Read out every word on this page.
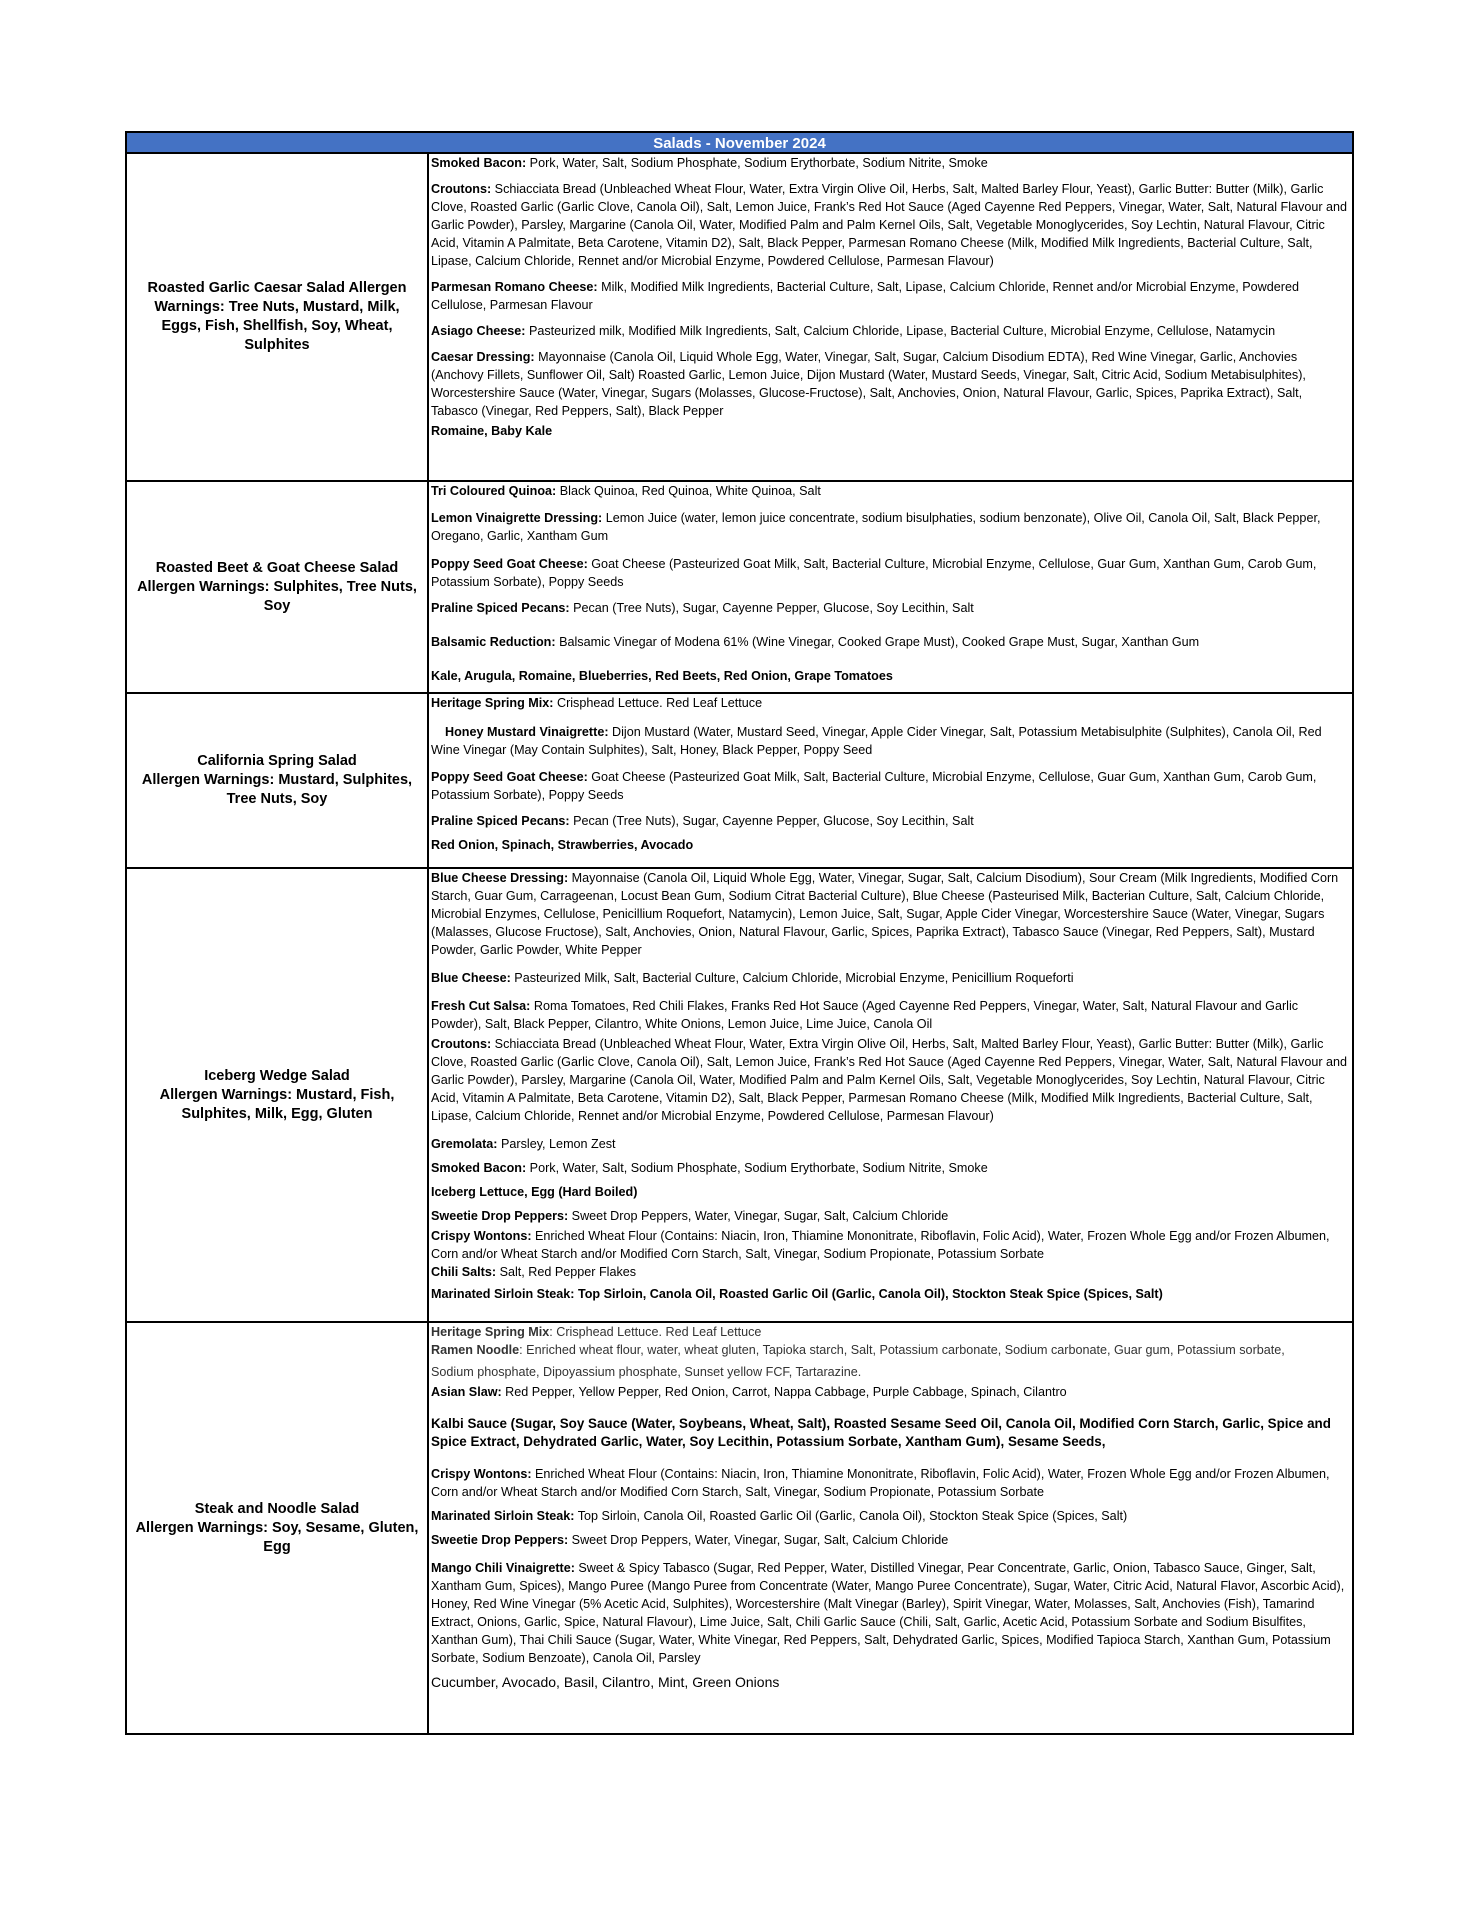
Salads - November 2024
Roasted Garlic Caesar Salad Allergen
Warnings: Tree Nuts, Mustard, Milk,
Eggs, Fish, Shellfish, Soy, Wheat,
Sulphites

Smoked Bacon: Pork, Water, Salt, Sodium Phosphate, Sodium Erythorbate, Sodium Nitrite, Smoke

Croutons: Schiacciata Bread (Unbleached Wheat Flour, Water, Extra Virgin Olive Oil, Herbs, Salt, Malted Barley Flour, Yeast), Garlic Butter: Butter (Milk), Garlic Clove, Roasted Garlic (Garlic Clove, Canola Oil), Salt, Lemon Juice, Frank’s Red Hot Sauce (Aged Cayenne Red Peppers, Vinegar, Water, Salt, Natural Flavour and Garlic Powder), Parsley, Margarine (Canola Oil, Water, Modified Palm and Palm Kernel Oils, Salt, Vegetable Monoglycerides, Soy Lechtin, Natural Flavour, Citric Acid, Vitamin A Palmitate, Beta Carotene, Vitamin D2), Salt, Black Pepper, Parmesan Romano Cheese (Milk, Modified Milk Ingredients, Bacterial Culture, Salt, Lipase, Calcium Chloride, Rennet and/or Microbial Enzyme, Powdered Cellulose, Parmesan Flavour)

Parmesan Romano Cheese: Milk, Modified Milk Ingredients, Bacterial Culture, Salt, Lipase, Calcium Chloride, Rennet and/or Microbial Enzyme, Powdered Cellulose, Parmesan Flavour

Asiago Cheese: Pasteurized milk, Modified Milk Ingredients, Salt, Calcium Chloride, Lipase, Bacterial Culture, Microbial Enzyme, Cellulose, Natamycin

Caesar Dressing: Mayonnaise (Canola Oil, Liquid Whole Egg, Water, Vinegar, Salt, Sugar, Calcium Disodium EDTA), Red Wine Vinegar, Garlic, Anchovies (Anchovy Fillets, Sunflower Oil, Salt) Roasted Garlic, Lemon Juice, Dijon Mustard (Water, Mustard Seeds, Vinegar, Salt, Citric Acid, Sodium Metabisulphites), Worcestershire Sauce (Water, Vinegar, Sugars (Molasses, Glucose-Fructose), Salt, Anchovies, Onion, Natural Flavour, Garlic, Spices, Paprika Extract), Salt, Tabasco (Vinegar, Red Peppers, Salt), Black Pepper

Romaine, Baby Kale

Roasted Beet & Goat Cheese Salad
Allergen Warnings: Sulphites, Tree Nuts,
Soy

Tri Coloured Quinoa: Black Quinoa, Red Quinoa, White Quinoa, Salt

Lemon Vinaigrette Dressing: Lemon Juice (water, lemon juice concentrate, sodium bisulphaties, sodium benzonate), Olive Oil, Canola Oil, Salt, Black Pepper, Oregano, Garlic, Xantham Gum

Poppy Seed Goat Cheese: Goat Cheese (Pasteurized Goat Milk, Salt, Bacterial Culture, Microbial Enzyme, Cellulose, Guar Gum, Xanthan Gum, Carob Gum, Potassium Sorbate), Poppy Seeds

Praline Spiced Pecans: Pecan (Tree Nuts), Sugar, Cayenne Pepper, Glucose, Soy Lecithin, Salt

Balsamic Reduction: Balsamic Vinegar of Modena 61% (Wine Vinegar, Cooked Grape Must), Cooked Grape Must, Sugar, Xanthan Gum

Kale, Arugula, Romaine, Blueberries, Red Beets, Red Onion, Grape Tomatoes

California Spring Salad
Allergen Warnings: Mustard, Sulphites,
Tree Nuts, Soy

Heritage Spring Mix: Crisphead Lettuce. Red Leaf Lettuce

Honey Mustard Vinaigrette: Dijon Mustard (Water, Mustard Seed, Vinegar, Apple Cider Vinegar, Salt, Potassium Metabisulphite (Sulphites), Canola Oil, Red Wine Vinegar (May Contain Sulphites), Salt, Honey, Black Pepper, Poppy Seed

Poppy Seed Goat Cheese: Goat Cheese (Pasteurized Goat Milk, Salt, Bacterial Culture, Microbial Enzyme, Cellulose, Guar Gum, Xanthan Gum, Carob Gum, Potassium Sorbate), Poppy Seeds

Praline Spiced Pecans: Pecan (Tree Nuts), Sugar, Cayenne Pepper, Glucose, Soy Lecithin, Salt

Red Onion, Spinach, Strawberries, Avocado

Iceberg Wedge Salad
Allergen Warnings: Mustard, Fish,
Sulphites, Milk, Egg, Gluten

Blue Cheese Dressing: Mayonnaise (Canola Oil, Liquid Whole Egg, Water, Vinegar, Sugar, Salt, Calcium Disodium), Sour Cream (Milk Ingredients, Modified Corn Starch, Guar Gum, Carrageenan, Locust Bean Gum, Sodium Citrat Bacterial Culture), Blue Cheese (Pasteurised Milk, Bacterian Culture, Salt, Calcium Chloride, Microbial Enzymes, Cellulose, Penicillium Roquefort, Natamycin), Lemon Juice, Salt, Sugar, Apple Cider Vinegar, Worcestershire Sauce (Water, Vinegar, Sugars (Malasses, Glucose Fructose), Salt, Anchovies, Onion, Natural Flavour, Garlic, Spices, Paprika Extract), Tabasco Sauce (Vinegar, Red Peppers, Salt), Mustard Powder, Garlic Powder, White Pepper

Blue Cheese: Pasteurized Milk, Salt, Bacterial Culture, Calcium Chloride, Microbial Enzyme, Penicillium Roqueforti

Fresh Cut Salsa: Roma Tomatoes, Red Chili Flakes, Franks Red Hot Sauce (Aged Cayenne Red Peppers, Vinegar, Water, Salt, Natural Flavour and Garlic Powder), Salt, Black Pepper, Cilantro, White Onions, Lemon Juice, Lime Juice, Canola Oil

Croutons: Schiacciata Bread (Unbleached Wheat Flour, Water, Extra Virgin Olive Oil, Herbs, Salt, Malted Barley Flour, Yeast), Garlic Butter: Butter (Milk), Garlic Clove, Roasted Garlic (Garlic Clove, Canola Oil), Salt, Lemon Juice, Frank’s Red Hot Sauce (Aged Cayenne Red Peppers, Vinegar, Water, Salt, Natural Flavour and Garlic Powder), Parsley, Margarine (Canola Oil, Water, Modified Palm and Palm Kernel Oils, Salt, Vegetable Monoglycerides, Soy Lechtin, Natural Flavour, Citric Acid, Vitamin A Palmitate, Beta Carotene, Vitamin D2), Salt, Black Pepper, Parmesan Romano Cheese (Milk, Modified Milk Ingredients, Bacterial Culture, Salt, Lipase, Calcium Chloride, Rennet and/or Microbial Enzyme, Powdered Cellulose, Parmesan Flavour)

Gremolata: Parsley, Lemon Zest

Smoked Bacon: Pork, Water, Salt, Sodium Phosphate, Sodium Erythorbate, Sodium Nitrite, Smoke

Iceberg Lettuce, Egg (Hard Boiled)

Sweetie Drop Peppers: Sweet Drop Peppers, Water, Vinegar, Sugar, Salt, Calcium Chloride

Crispy Wontons: Enriched Wheat Flour (Contains: Niacin, Iron, Thiamine Mononitrate, Riboflavin, Folic Acid), Water, Frozen Whole Egg and/or Frozen Albumen, Corn and/or Wheat Starch and/or Modified Corn Starch, Salt, Vinegar, Sodium Propionate, Potassium Sorbate

Chili Salts: Salt, Red Pepper Flakes

Marinated Sirloin Steak: Top Sirloin, Canola Oil, Roasted Garlic Oil (Garlic, Canola Oil), Stockton Steak Spice (Spices, Salt)

Steak and Noodle Salad
Allergen Warnings: Soy, Sesame, Gluten,
Egg

Heritage Spring Mix: Crisphead Lettuce. Red Leaf Lettuce

Ramen Noodle: Enriched wheat flour, water, wheat gluten, Tapioka starch, Salt, Potassium carbonate, Sodium carbonate, Guar gum, Potassium sorbate,

Sodium phosphate, Dipoyassium phosphate, Sunset yellow FCF, Tartarazine.

Asian Slaw: Red Pepper, Yellow Pepper, Red Onion, Carrot, Nappa Cabbage, Purple Cabbage, Spinach, Cilantro

Kalbi Sauce (Sugar, Soy Sauce (Water, Soybeans, Wheat, Salt), Roasted Sesame Seed Oil, Canola Oil, Modified Corn Starch, Garlic, Spice and Spice Extract, Dehydrated Garlic, Water, Soy Lecithin, Potassium Sorbate, Xantham Gum), Sesame Seeds,

Crispy Wontons: Enriched Wheat Flour (Contains: Niacin, Iron, Thiamine Mononitrate, Riboflavin, Folic Acid), Water, Frozen Whole Egg and/or Frozen Albumen, Corn and/or Wheat Starch and/or Modified Corn Starch, Salt, Vinegar, Sodium Propionate, Potassium Sorbate

Marinated Sirloin Steak: Top Sirloin, Canola Oil, Roasted Garlic Oil (Garlic, Canola Oil), Stockton Steak Spice (Spices, Salt)

Sweetie Drop Peppers: Sweet Drop Peppers, Water, Vinegar, Sugar, Salt, Calcium Chloride

Mango Chili Vinaigrette: Sweet & Spicy Tabasco (Sugar, Red Pepper, Water, Distilled Vinegar, Pear Concentrate, Garlic, Onion, Tabasco Sauce, Ginger, Salt, Xantham Gum, Spices), Mango Puree (Mango Puree from Concentrate (Water, Mango Puree Concentrate), Sugar, Water, Citric Acid, Natural Flavor, Ascorbic Acid), Honey, Red Wine Vinegar (5% Acetic Acid, Sulphites), Worcestershire (Malt Vinegar (Barley), Spirit Vinegar, Water, Molasses, Salt, Anchovies (Fish), Tamarind Extract, Onions, Garlic, Spice, Natural Flavour), Lime Juice, Salt, Chili Garlic Sauce (Chili, Salt, Garlic, Acetic Acid, Potassium Sorbate and Sodium Bisulfites, Xanthan Gum), Thai Chili Sauce (Sugar, Water, White Vinegar, Red Peppers, Salt, Dehydrated Garlic, Spices, Modified Tapioca Starch, Xanthan Gum, Potassium Sorbate, Sodium Benzoate), Canola Oil, Parsley

Cucumber, Avocado, Basil, Cilantro, Mint, Green Onions
